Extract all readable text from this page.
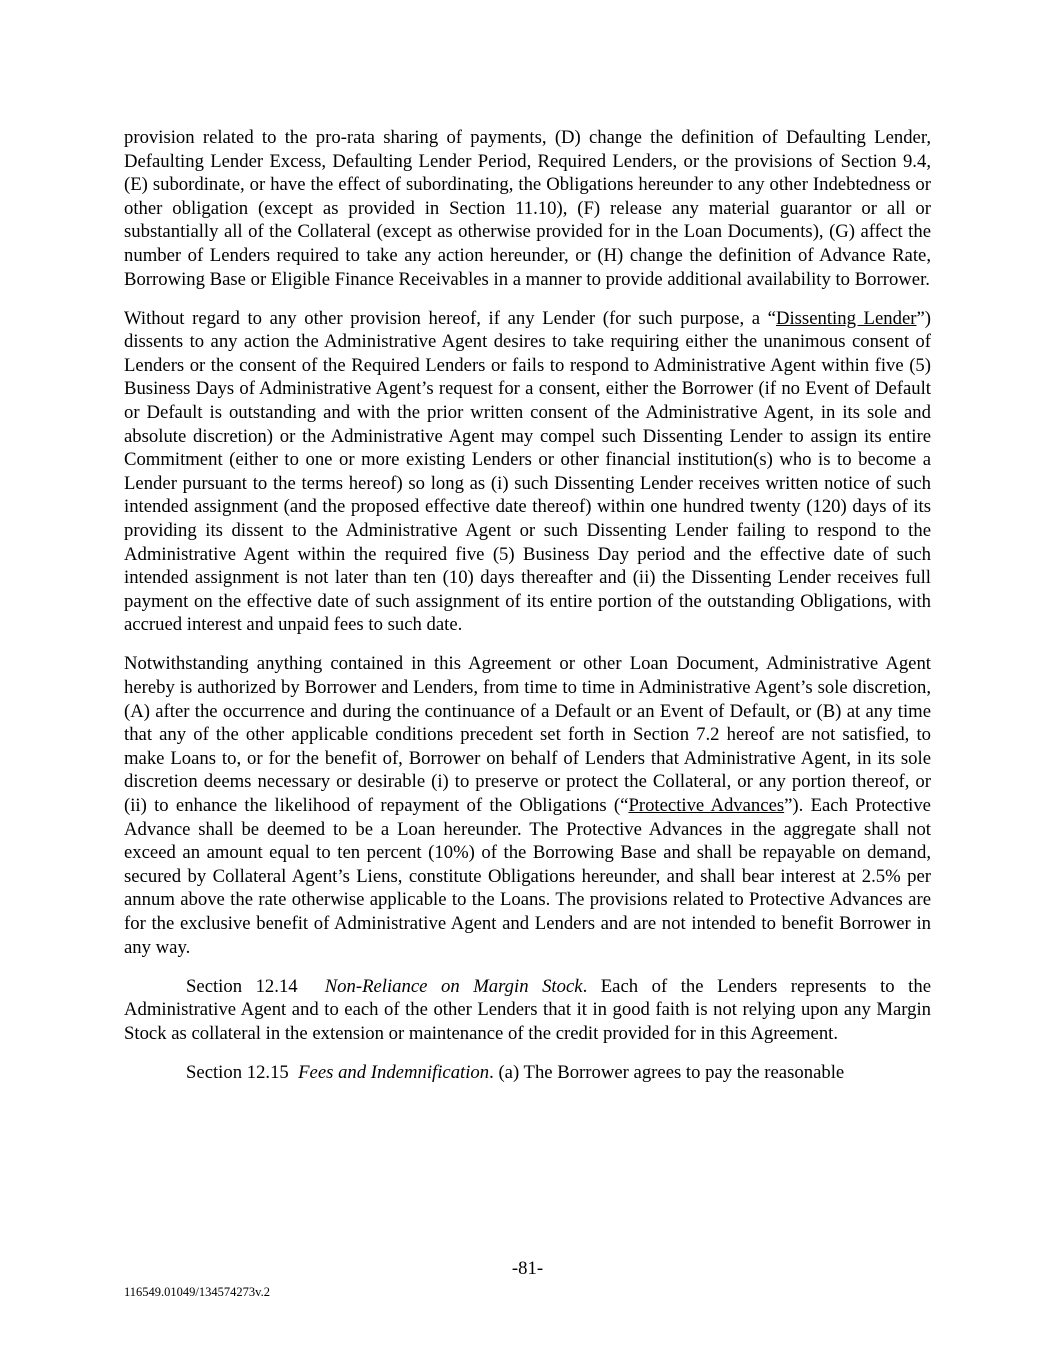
provision related to the pro-rata sharing of payments, (D) change the definition of Defaulting Lender, Defaulting Lender Excess, Defaulting Lender Period, Required Lenders, or the provisions of Section 9.4, (E) subordinate, or have the effect of subordinating, the Obligations hereunder to any other Indebtedness or other obligation (except as provided in Section 11.10), (F) release any material guarantor or all or substantially all of the Collateral (except as otherwise provided for in the Loan Documents), (G) affect the number of Lenders required to take any action hereunder, or (H) change the definition of Advance Rate, Borrowing Base or Eligible Finance Receivables in a manner to provide additional availability to Borrower.

Without regard to any other provision hereof, if any Lender (for such purpose, a “Dissenting Lender”) dissents to any action the Administrative Agent desires to take requiring either the unanimous consent of Lenders or the consent of the Required Lenders or fails to respond to Administrative Agent within five (5) Business Days of Administrative Agent’s request for a consent, either the Borrower (if no Event of Default or Default is outstanding and with the prior written consent of the Administrative Agent, in its sole and absolute discretion) or the Administrative Agent may compel such Dissenting Lender to assign its entire Commitment (either to one or more existing Lenders or other financial institution(s) who is to become a Lender pursuant to the terms hereof) so long as (i) such Dissenting Lender receives written notice of such intended assignment (and the proposed effective date thereof) within one hundred twenty (120) days of its providing its dissent to the Administrative Agent or such Dissenting Lender failing to respond to the Administrative Agent within the required five (5) Business Day period and the effective date of such intended assignment is not later than ten (10) days thereafter and (ii) the Dissenting Lender receives full payment on the effective date of such assignment of its entire portion of the outstanding Obligations, with accrued interest and unpaid fees to such date.

Notwithstanding anything contained in this Agreement or other Loan Document, Administrative Agent hereby is authorized by Borrower and Lenders, from time to time in Administrative Agent’s sole discretion, (A) after the occurrence and during the continuance of a Default or an Event of Default, or (B) at any time that any of the other applicable conditions precedent set forth in Section 7.2 hereof are not satisfied, to make Loans to, or for the benefit of, Borrower on behalf of Lenders that Administrative Agent, in its sole discretion deems necessary or desirable (i) to preserve or protect the Collateral, or any portion thereof, or (ii) to enhance the likelihood of repayment of the Obligations (“Protective Advances”). Each Protective Advance shall be deemed to be a Loan hereunder. The Protective Advances in the aggregate shall not exceed an amount equal to ten percent (10%) of the Borrowing Base and shall be repayable on demand, secured by Collateral Agent’s Liens, constitute Obligations hereunder, and shall bear interest at 2.5% per annum above the rate otherwise applicable to the Loans. The provisions related to Protective Advances are for the exclusive benefit of Administrative Agent and Lenders and are not intended to benefit Borrower in any way.

Section 12.14 Non-Reliance on Margin Stock. Each of the Lenders represents to the Administrative Agent and to each of the other Lenders that it in good faith is not relying upon any Margin Stock as collateral in the extension or maintenance of the credit provided for in this Agreement.

Section 12.15 Fees and Indemnification. (a) The Borrower agrees to pay the reasonable

-81-
116549.01049/134574273v.2
